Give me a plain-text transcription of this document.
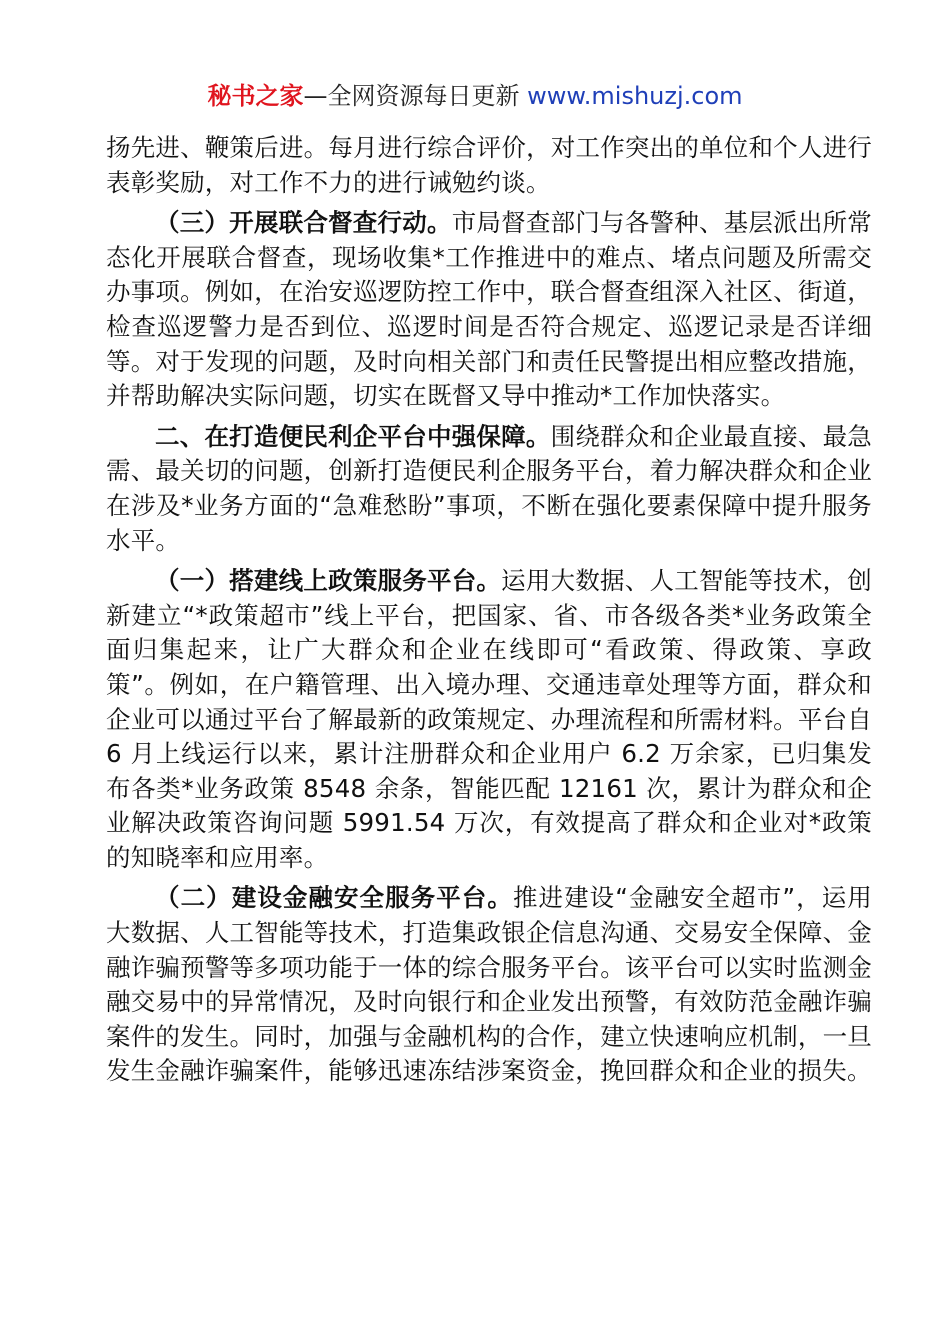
秘书之家—全网资源每日更新 www.mishuzj.com

扬先进、鞭策后进。每月进行综合评价，对工作突出的单位和个人进行表彰奖励，对工作不力的进行诫勉约谈。

（三）开展联合督查行动。市局督查部门与各警种、基层派出所常态化开展联合督查，现场收集*工作推进中的难点、堵点问题及所需交办事项。例如，在治安巡逻防控工作中，联合督查组深入社区、街道，检查巡逻警力是否到位、巡逻时间是否符合规定、巡逻记录是否详细等。对于发现的问题，及时向相关部门和责任民警提出相应整改措施，并帮助解决实际问题，切实在既督又导中推动*工作加快落实。

二、在打造便民利企平台中强保障。围绕群众和企业最直接、最急需、最关切的问题，创新打造便民利企服务平台，着力解决群众和企业在涉及*业务方面的“急难愁盼”事项，不断在强化要素保障中提升服务水平。

（一）搭建线上政策服务平台。运用大数据、人工智能等技术，创新建立“*政策超市”线上平台，把国家、省、市各级各类*业务政策全面归集起来，让广大群众和企业在线即可“看政策、得政策、享政策”。例如，在户籍管理、出入境办理、交通违章处理等方面，群众和企业可以通过平台了解最新的政策规定、办理流程和所需材料。平台自 6 月上线运行以来，累计注册群众和企业用户 6.2 万余家，已归集发布各类*业务政策 8548 余条，智能匹配 12161 次，累计为群众和企业解决政策咨询问题 5991.54 万次，有效提高了群众和企业对*政策的知晓率和应用率。

（二）建设金融安全服务平台。推进建设“金融安全超市”，运用大数据、人工智能等技术，打造集政银企信息沟通、交易安全保障、金融诈骗预警等多项功能于一体的综合服务平台。该平台可以实时监测金融交易中的异常情况，及时向银行和企业发出预警，有效防范金融诈骗案件的发生。同时，加强与金融机构的合作，建立快速响应机制，一旦发生金融诈骗案件，能够迅速冻结涉案资金，挽回群众和企业的损失。
